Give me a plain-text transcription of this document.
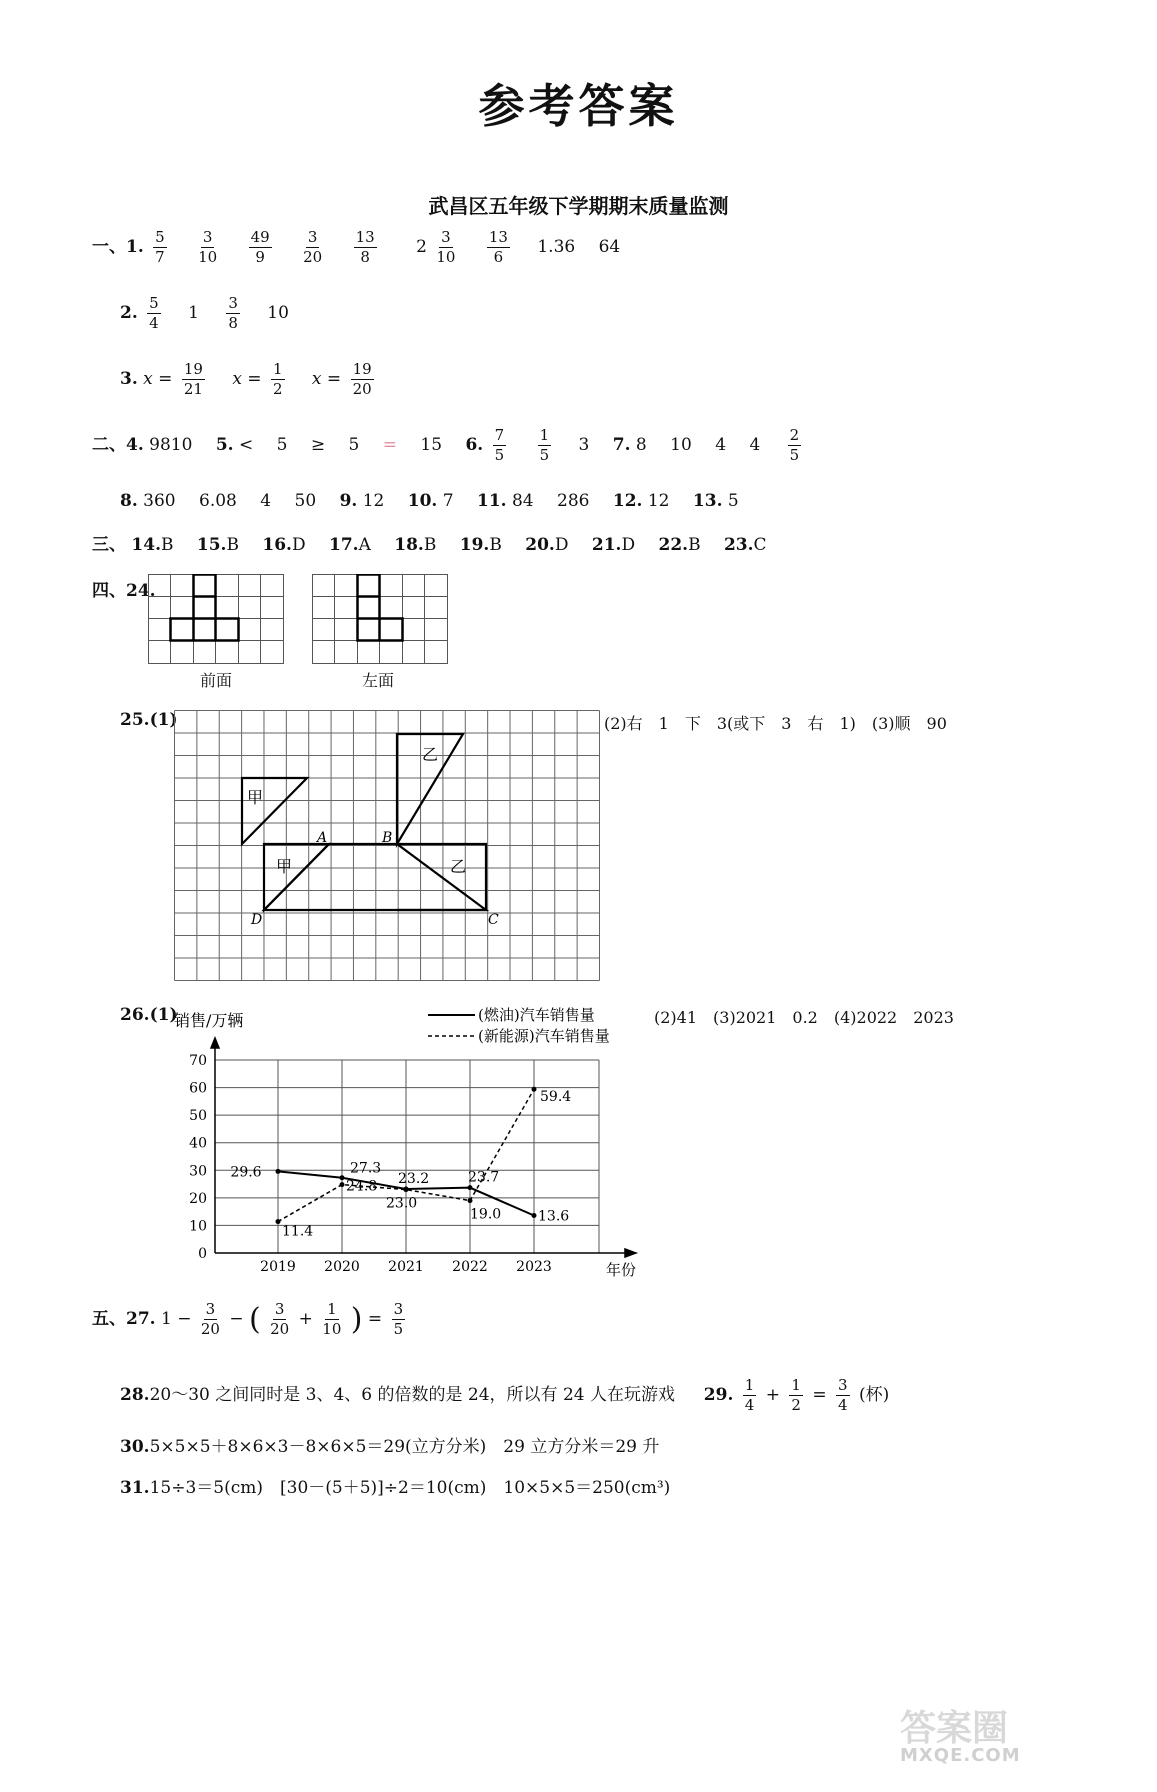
参考答案
武昌区五年级下学期期末质量监测
一、1. $\frac{5}{7}$
$\frac{3}{10}$
$\frac{49}{9}$
$\frac{3}{20}$
$\frac{13}{8} 2 \frac{3}{10}$
$\frac{13}{6} 1.36$ 64
2. $\frac{5}{4} 1 \frac{3}{8} 10$
3. $x = \frac{19}{21}$ $x = \frac{1}{2}$ $x = \frac{19}{20}$
二、4. 9810 5. < 5 ≥ 5 = 15 6. $\frac{7}{5}$
$\frac{1}{5} 3$ 7. 8 10 4 $4 \frac{2}{5}$
8. 360 6.08 4 50 9. 12 10. 7 11. 84 286 12. 12 13. 5
三、 14.B 15.B 16.D 17.A 18.B 19.B 20.D 21.D 22.B 23.C
四、24.
前面	左面
25.(1)	(2)右　1　下　3(或下　3　右　1)　(3)顺　90
甲
乙
甲	乙
A	B
C
D
26.(1)	(2)41　(3)2021　0.2　(4)2022　2023
销售/万辆	(燃油)汽车销售量
(新能源)汽车销售量
0
10
20
30
40
50
60
70
2019 2020 2021 2022 2023	年份
29.6	27.3
23.2	23.7
13.6
11.4
24.8
23.0
19.0
59.4
五、27. $1 - \frac{3}{20}$ − ( $\frac{3}{20} + \frac{1}{10}$ ) = $\frac{3}{5}$
28.20～30 之间同时是 3、4、6 的倍数的是 24，所以有 24 人在玩游戏 29. $\frac{1}{4} + \frac{1}{2} = \frac{3}{4}$ (杯)
30.5×5×5＋8×6×3－8×6×5＝29(立方分米)　29 立方分米＝29 升
31.15÷3＝5(cm)　[30－(5＋5)]÷2＝10(cm)　10×5×5＝250(cm³)
答案圈
MXQE.COM
